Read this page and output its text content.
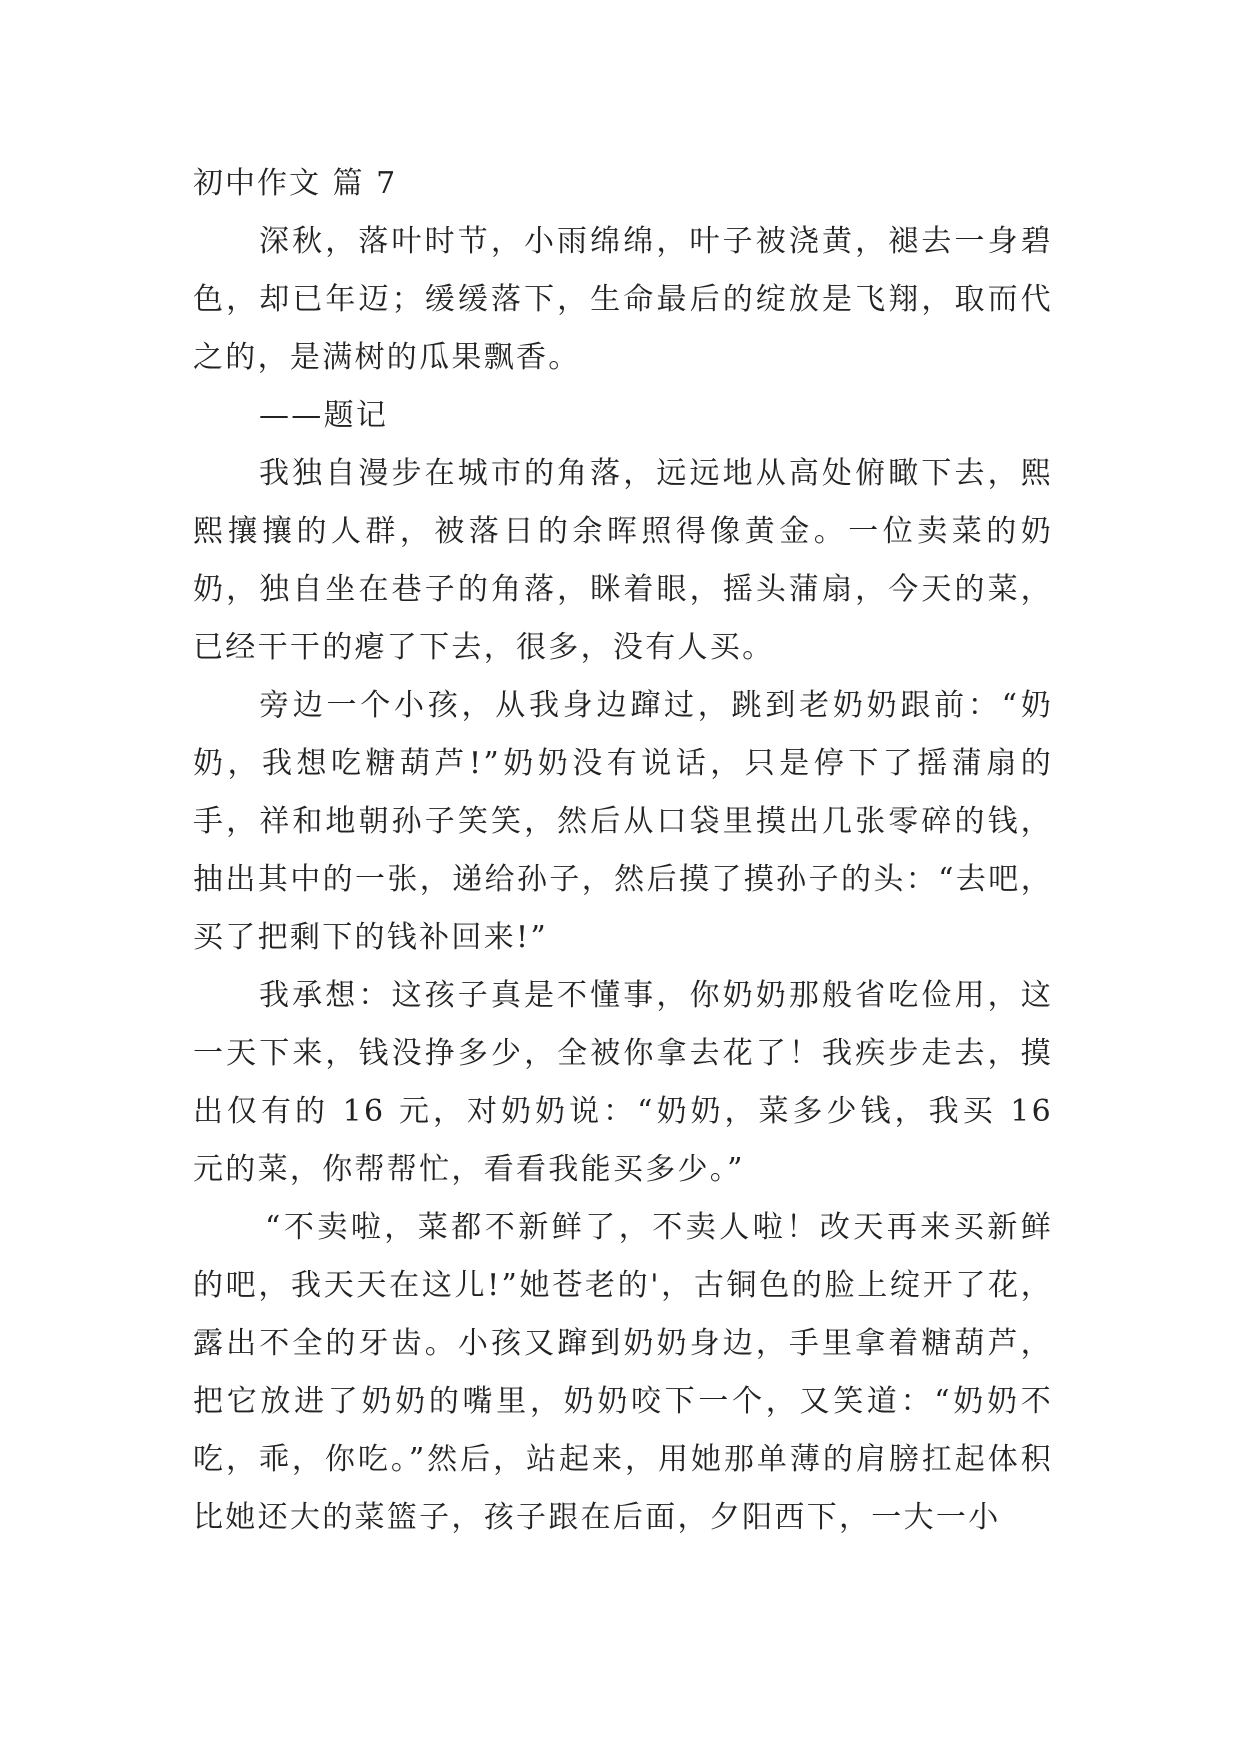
初中作文 篇 7

深秋，落叶时节，小雨绵绵，叶子被浇黄，褪去一身碧色，却已年迈；缓缓落下，生命最后的绽放是飞翔，取而代之的，是满树的瓜果飘香。

——题记

我独自漫步在城市的角落，远远地从高处俯瞰下去，熙熙攘攘的人群，被落日的余晖照得像黄金。一位卖菜的奶奶，独自坐在巷子的角落，眯着眼，摇头蒲扇，今天的菜，已经干干的瘪了下去，很多，没有人买。

旁边一个小孩，从我身边蹿过，跳到老奶奶跟前：“奶奶，我想吃糖葫芦!”奶奶没有说话，只是停下了摇蒲扇的手，祥和地朝孙子笑笑，然后从口袋里摸出几张零碎的钱，抽出其中的一张，递给孙子，然后摸了摸孙子的头：“去吧，买了把剩下的钱补回来!”

我承想：这孩子真是不懂事，你奶奶那般省吃俭用，这一天下来，钱没挣多少，全被你拿去花了！我疾步走去，摸出仅有的 16 元，对奶奶说：“奶奶，菜多少钱，我买 16 元的菜，你帮帮忙，看看我能买多少。”

“不卖啦，菜都不新鲜了，不卖人啦！改天再来买新鲜的吧，我天天在这儿!”她苍老的'，古铜色的脸上绽开了花，露出不全的牙齿。小孩又蹿到奶奶身边，手里拿着糖葫芦，把它放进了奶奶的嘴里，奶奶咬下一个，又笑道：“奶奶不吃，乖，你吃。”然后，站起来，用她那单薄的肩膀扛起体积比她还大的菜篮子，孩子跟在后面，夕阳西下，一大一小
